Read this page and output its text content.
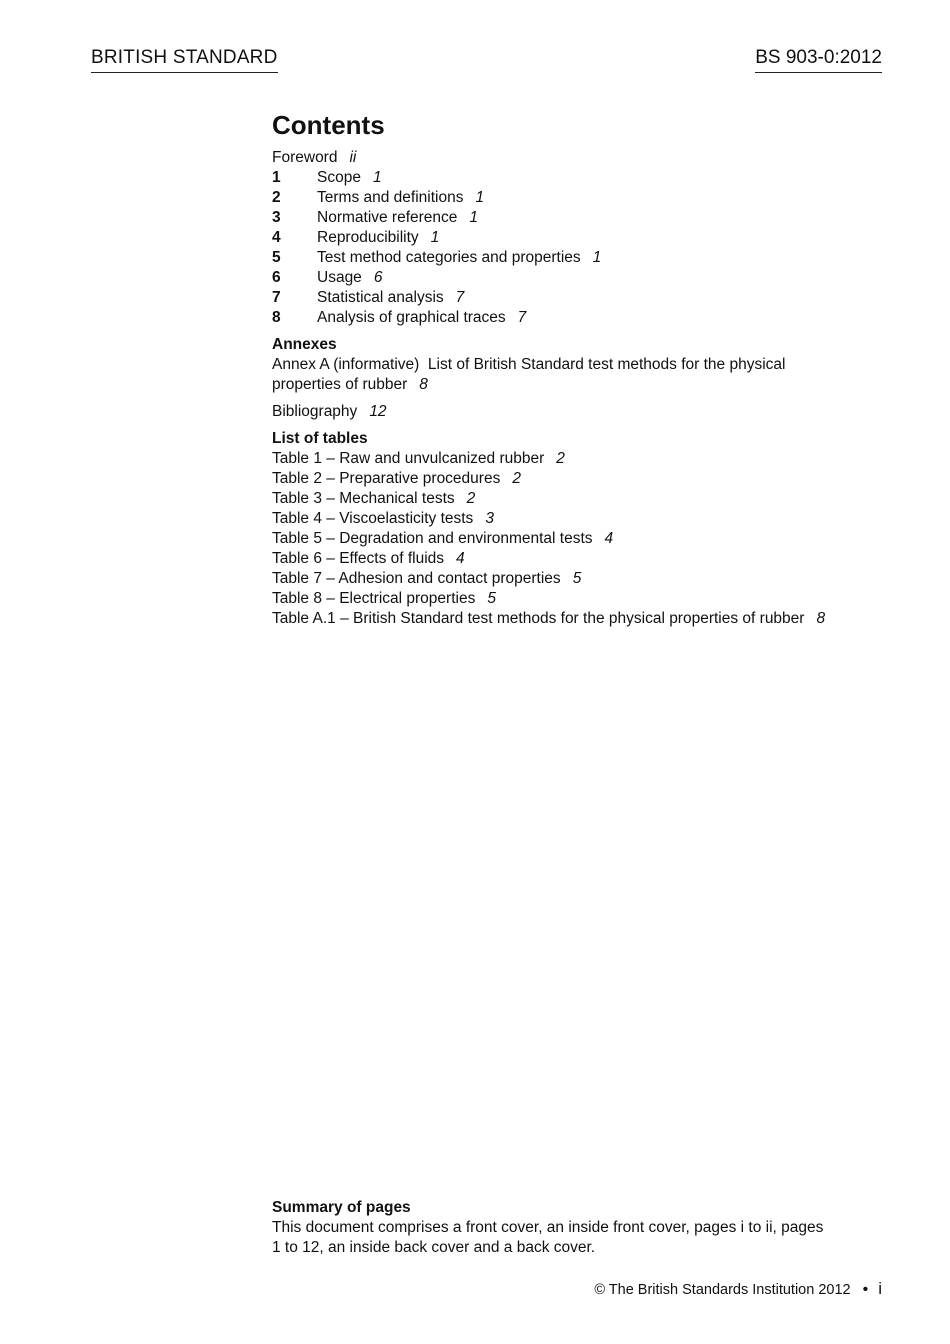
BRITISH STANDARD	BS 903-0:2012
Contents
Foreword ii
1 Scope 1
2 Terms and definitions 1
3 Normative reference 1
4 Reproducibility 1
5 Test method categories and properties 1
6 Usage 6
7 Statistical analysis 7
8 Analysis of graphical traces 7
Annexes
Annex A (informative)  List of British Standard test methods for the physical properties of rubber 8
Bibliography 12
List of tables
Table 1 – Raw and unvulcanized rubber 2
Table 2 – Preparative procedures 2
Table 3 – Mechanical tests 2
Table 4 – Viscoelasticity tests 3
Table 5 – Degradation and environmental tests 4
Table 6 – Effects of fluids 4
Table 7 – Adhesion and contact properties 5
Table 8 – Electrical properties 5
Table A.1 – British Standard test methods for the physical properties of rubber 8
Summary of pages
This document comprises a front cover, an inside front cover, pages i to ii, pages 1 to 12, an inside back cover and a back cover.
© The British Standards Institution 2012 • i
